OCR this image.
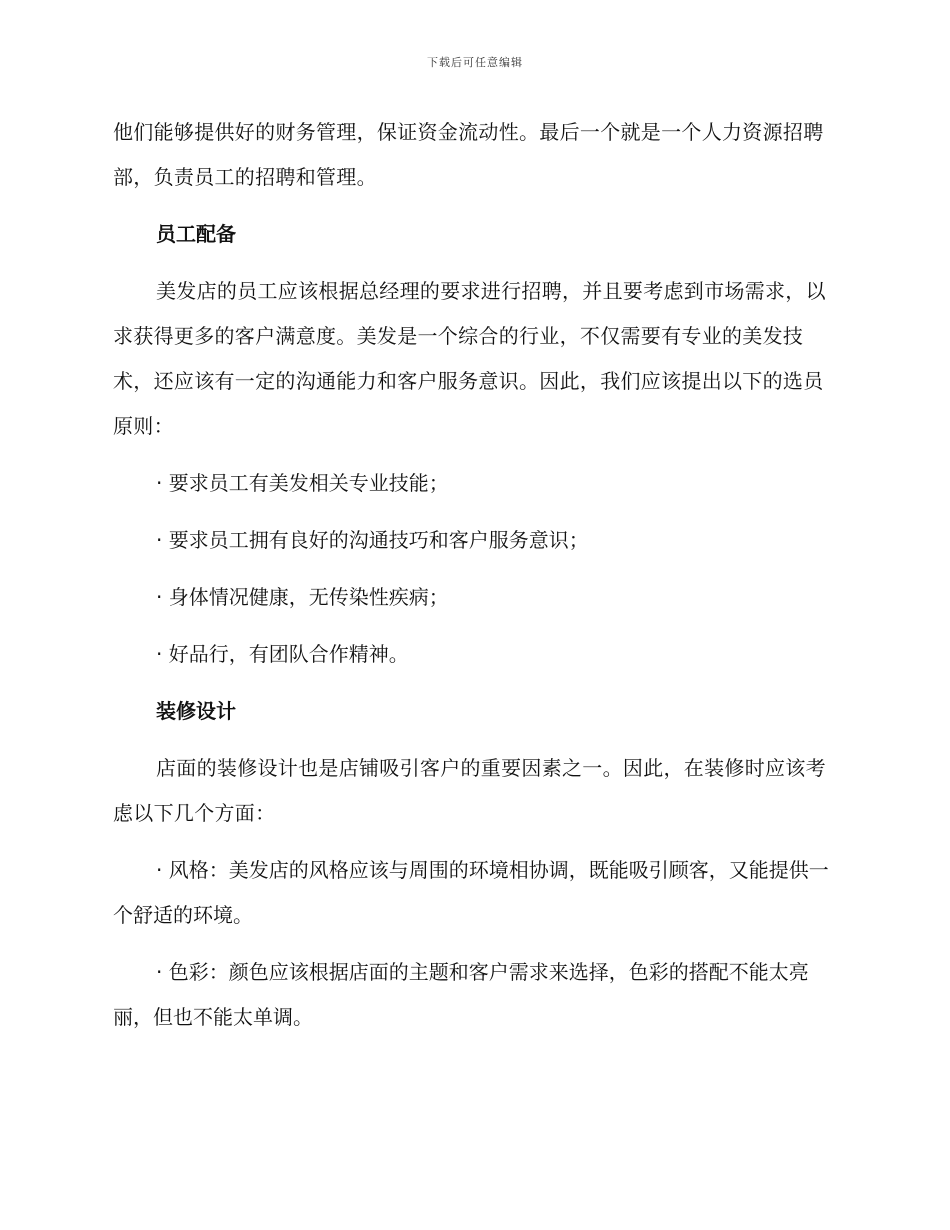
下载后可任意编辑

他们能够提供好的财务管理，保证资金流动性。最后一个就是一个人力资源招聘部，负责员工的招聘和管理。

员工配备

美发店的员工应该根据总经理的要求进行招聘，并且要考虑到市场需求，以求获得更多的客户满意度。美发是一个综合的行业，不仅需要有专业的美发技术，还应该有一定的沟通能力和客户服务意识。因此，我们应该提出以下的选员原则：

· 要求员工有美发相关专业技能；
· 要求员工拥有良好的沟通技巧和客户服务意识；
· 身体情况健康，无传染性疾病；
· 好品行，有团队合作精神。
装修设计

店面的装修设计也是店铺吸引客户的重要因素之一。因此，在装修时应该考虑以下几个方面：

· 风格：美发店的风格应该与周围的环境相协调，既能吸引顾客，又能提供一个舒适的环境。
· 色彩：颜色应该根据店面的主题和客户需求来选择，色彩的搭配不能太亮丽，但也不能太单调。
